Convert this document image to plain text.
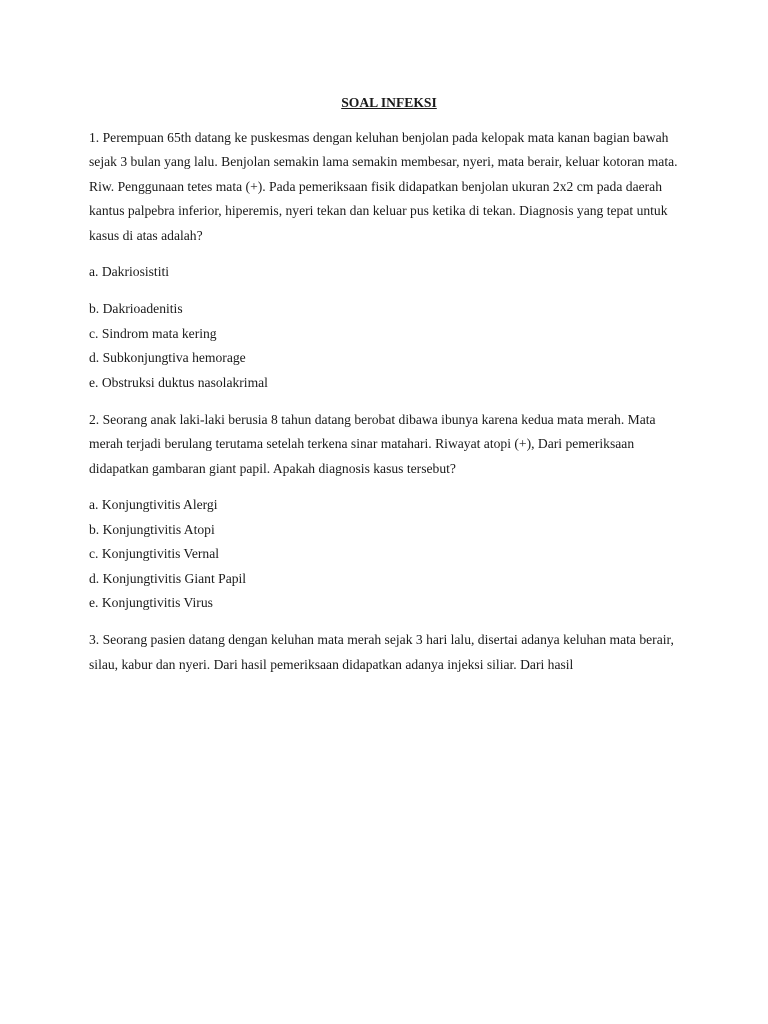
SOAL INFEKSI

1. Perempuan 65th datang ke puskesmas dengan keluhan benjolan pada kelopak mata kanan bagian bawah sejak 3 bulan yang lalu. Benjolan semakin lama semakin membesar, nyeri, mata berair, keluar kotoran mata. Riw. Penggunaan tetes mata (+). Pada pemeriksaan fisik didapatkan benjolan ukuran 2x2 cm pada daerah kantus palpebra inferior, hiperemis, nyeri tekan dan keluar pus ketika di tekan. Diagnosis yang tepat untuk kasus di atas adalah?

a. Dakriosistiti
b. Dakrioadenitis
c. Sindrom mata kering
d. Subkonjungtiva hemorage
e. Obstruksi duktus nasolakrimal

2. Seorang anak laki-laki berusia 8 tahun datang berobat dibawa ibunya karena kedua mata merah. Mata merah terjadi berulang terutama setelah terkena sinar matahari. Riwayat atopi (+), Dari pemeriksaan didapatkan gambaran giant papil. Apakah diagnosis kasus tersebut?

a. Konjungtivitis Alergi
b. Konjungtivitis Atopi
c. Konjungtivitis Vernal
d. Konjungtivitis Giant Papil
e. Konjungtivitis Virus

3. Seorang pasien datang dengan keluhan mata merah sejak 3 hari lalu, disertai adanya keluhan mata berair, silau, kabur dan nyeri. Dari hasil pemeriksaan didapatkan adanya injeksi siliar. Dari hasil
